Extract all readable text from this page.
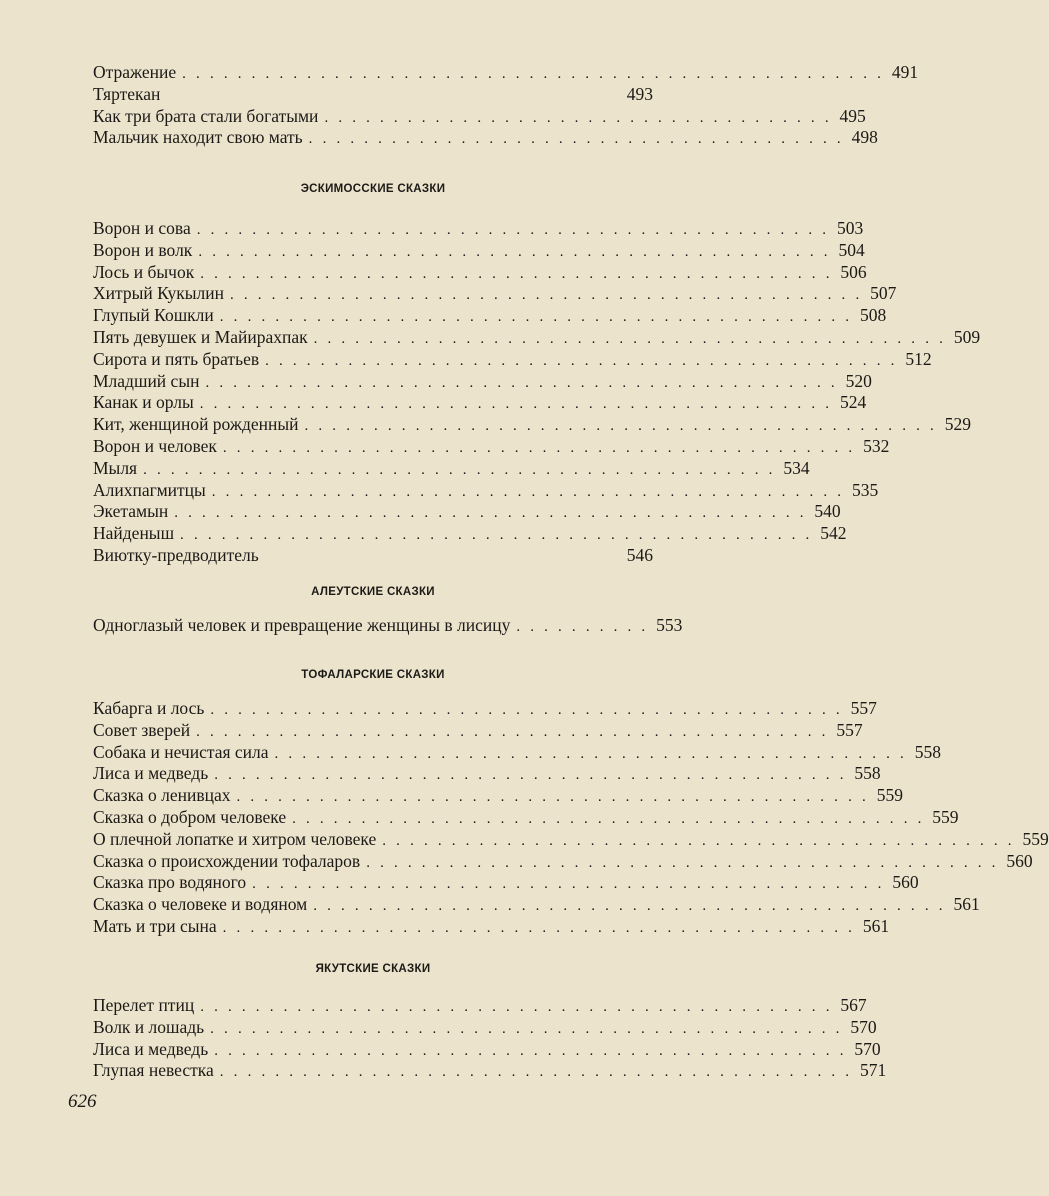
Отражение . . . . . . . . . . . . . . . . . . . . . . . . . . . . . . . . . . . . . . . . . . . . . . . . . . . 491
Тяртекан	493
Как три брата стали богатыми . . . . . . . . . . . . . . . . . . . . . . . . . . . . . . . . . . . . . 495
Мальчик находит свою мать . . . . . . . . . . . . . . . . . . . . . . . . . . . . . . . . . . . . . . . 498
ЭСКИМОССКИЕ СКАЗКИ
Ворон и сова . . . . . . . . . . . . . . . . . . . . . . . . . . . . . . . . . . . . . . . . . . . . . . 503
Ворон и волк . . . . . . . . . . . . . . . . . . . . . . . . . . . . . . . . . . . . . . . . . . . . . . 504
Лось и бычок . . . . . . . . . . . . . . . . . . . . . . . . . . . . . . . . . . . . . . . . . . . . . . 506
Хитрый Кукылин . . . . . . . . . . . . . . . . . . . . . . . . . . . . . . . . . . . . . . . . . . . . . . 507
Глупый Кошкли . . . . . . . . . . . . . . . . . . . . . . . . . . . . . . . . . . . . . . . . . . . . . . 508
Пять девушек и Майирахпак . . . . . . . . . . . . . . . . . . . . . . . . . . . . . . . . . . . . . . . . . . . . . . 509
Сирота и пять братьев . . . . . . . . . . . . . . . . . . . . . . . . . . . . . . . . . . . . . . . . . . . . . . 512
Младший сын . . . . . . . . . . . . . . . . . . . . . . . . . . . . . . . . . . . . . . . . . . . . . . 520
Канак и орлы . . . . . . . . . . . . . . . . . . . . . . . . . . . . . . . . . . . . . . . . . . . . . . 524
Кит, женщиной рожденный . . . . . . . . . . . . . . . . . . . . . . . . . . . . . . . . . . . . . . . . . . . . . . 529
Ворон и человек . . . . . . . . . . . . . . . . . . . . . . . . . . . . . . . . . . . . . . . . . . . . . . 532
Мыля . . . . . . . . . . . . . . . . . . . . . . . . . . . . . . . . . . . . . . . . . . . . . . 534
Алихпагмитцы . . . . . . . . . . . . . . . . . . . . . . . . . . . . . . . . . . . . . . . . . . . . . . 535
Экетамын . . . . . . . . . . . . . . . . . . . . . . . . . . . . . . . . . . . . . . . . . . . . . . 540
Найденыш . . . . . . . . . . . . . . . . . . . . . . . . . . . . . . . . . . . . . . . . . . . . . . 542
Виютку-предводитель	546
АЛЕУТСКИЕ СКАЗКИ
Одноглазый человек и превращение женщины в лисицу . . . . . . . . . . 553
ТОФАЛАРСКИЕ СКАЗКИ
Кабарга и лось . . . . . . . . . . . . . . . . . . . . . . . . . . . . . . . . . . . . . . . . . . . . . . 557
Совет зверей . . . . . . . . . . . . . . . . . . . . . . . . . . . . . . . . . . . . . . . . . . . . . . 557
Собака и нечистая сила . . . . . . . . . . . . . . . . . . . . . . . . . . . . . . . . . . . . . . . . . . . . . . 558
Лиса и медведь . . . . . . . . . . . . . . . . . . . . . . . . . . . . . . . . . . . . . . . . . . . . . . 558
Сказка о ленивцах . . . . . . . . . . . . . . . . . . . . . . . . . . . . . . . . . . . . . . . . . . . . . . 559
Сказка о добром человеке . . . . . . . . . . . . . . . . . . . . . . . . . . . . . . . . . . . . . . . . . . . . . . 559
О плечной лопатке и хитром человеке . . . . . . . . . . . . . . . . . . . . . . . . . . . . . . . . . . . . . . . . . . . . . . 559
Сказка о происхождении тофаларов . . . . . . . . . . . . . . . . . . . . . . . . . . . . . . . . . . . . . . . . . . . . . . 560
Сказка про водяного . . . . . . . . . . . . . . . . . . . . . . . . . . . . . . . . . . . . . . . . . . . . . . 560
Сказка о человеке и водяном . . . . . . . . . . . . . . . . . . . . . . . . . . . . . . . . . . . . . . . . . . . . . . 561
Мать и три сына . . . . . . . . . . . . . . . . . . . . . . . . . . . . . . . . . . . . . . . . . . . . . . 561
ЯКУТСКИЕ СКАЗКИ
Перелет птиц . . . . . . . . . . . . . . . . . . . . . . . . . . . . . . . . . . . . . . . . . . . . . . 567
Волк и лошадь . . . . . . . . . . . . . . . . . . . . . . . . . . . . . . . . . . . . . . . . . . . . . . 570
Лиса и медведь . . . . . . . . . . . . . . . . . . . . . . . . . . . . . . . . . . . . . . . . . . . . . . 570
Глупая невестка . . . . . . . . . . . . . . . . . . . . . . . . . . . . . . . . . . . . . . . . . . . . . . 571
626
